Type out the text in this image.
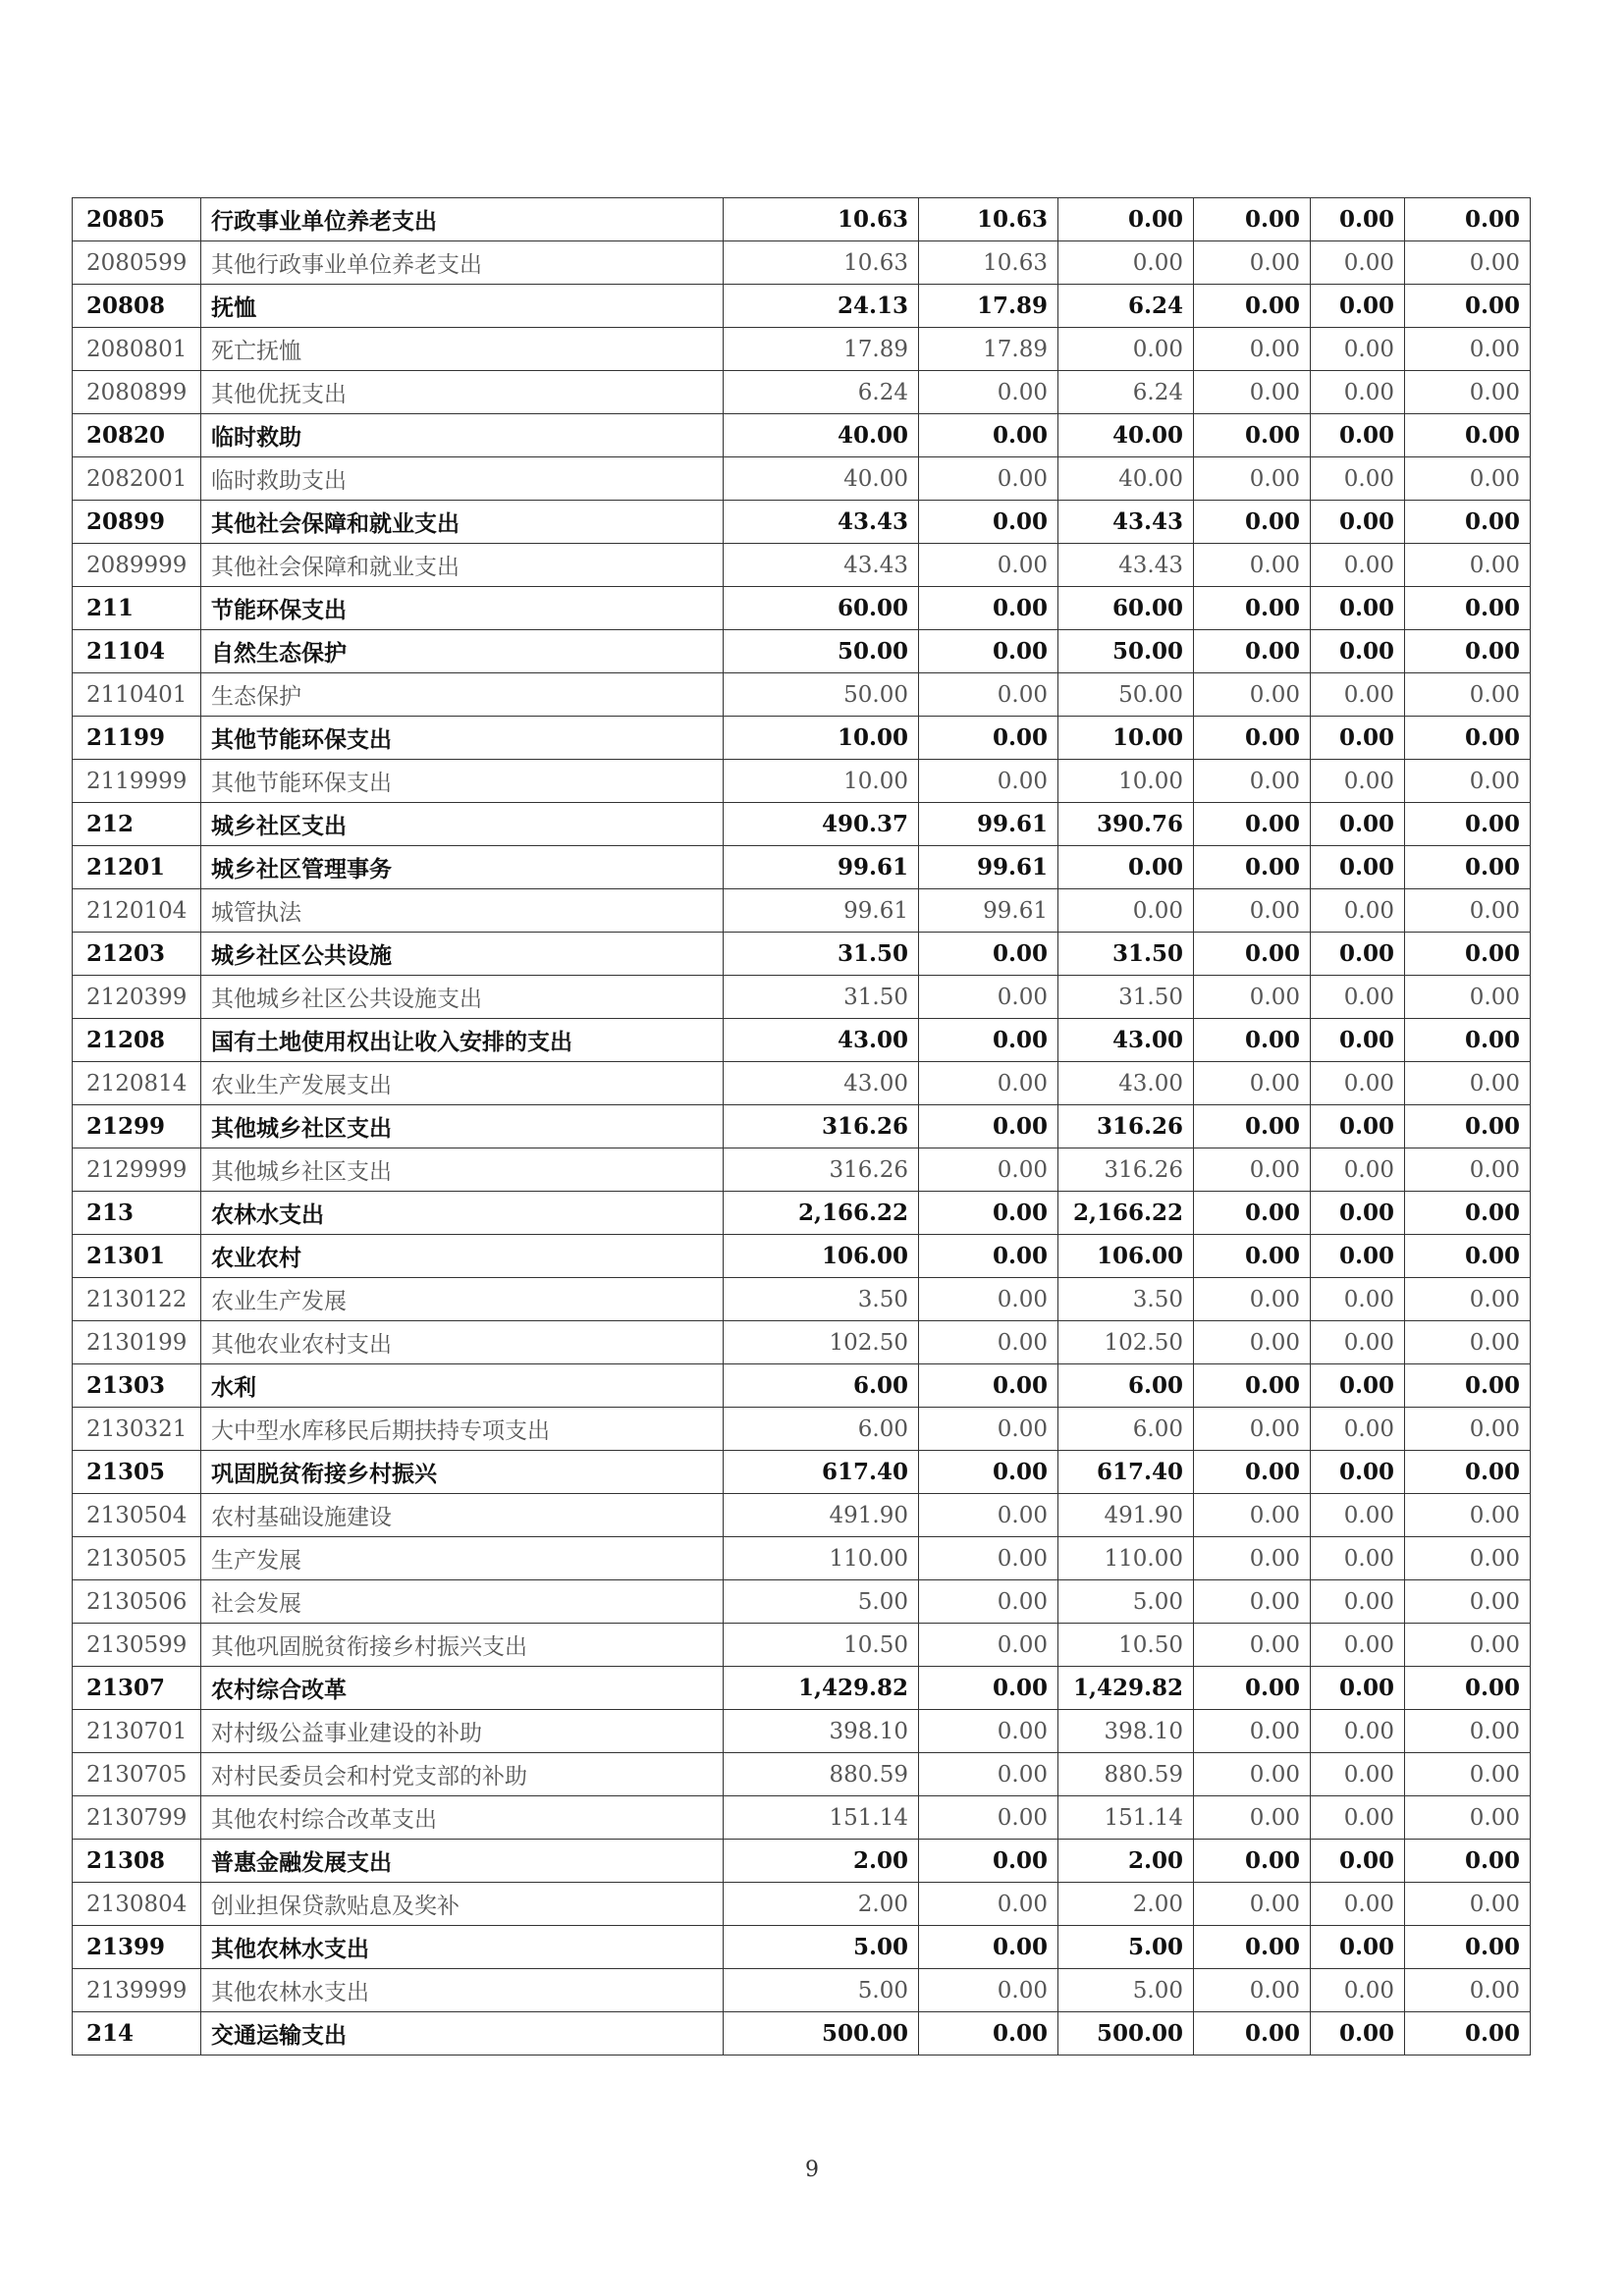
20805	行政事业单位养老支出	10.63	10.63	0.00	0.00	0.00	0.00
2080599	其他行政事业单位养老支出	10.63	10.63	0.00	0.00	0.00	0.00
20808	抚恤	24.13	17.89	6.24	0.00	0.00	0.00
2080801	死亡抚恤	17.89	17.89	0.00	0.00	0.00	0.00
2080899	其他优抚支出	6.24	0.00	6.24	0.00	0.00	0.00
20820	临时救助	40.00	0.00	40.00	0.00	0.00	0.00
2082001	临时救助支出	40.00	0.00	40.00	0.00	0.00	0.00
20899	其他社会保障和就业支出	43.43	0.00	43.43	0.00	0.00	0.00
2089999	其他社会保障和就业支出	43.43	0.00	43.43	0.00	0.00	0.00
211	节能环保支出	60.00	0.00	60.00	0.00	0.00	0.00
21104	自然生态保护	50.00	0.00	50.00	0.00	0.00	0.00
2110401	生态保护	50.00	0.00	50.00	0.00	0.00	0.00
21199	其他节能环保支出	10.00	0.00	10.00	0.00	0.00	0.00
2119999	其他节能环保支出	10.00	0.00	10.00	0.00	0.00	0.00
212	城乡社区支出	490.37	99.61	390.76	0.00	0.00	0.00
21201	城乡社区管理事务	99.61	99.61	0.00	0.00	0.00	0.00
2120104	城管执法	99.61	99.61	0.00	0.00	0.00	0.00
21203	城乡社区公共设施	31.50	0.00	31.50	0.00	0.00	0.00
2120399	其他城乡社区公共设施支出	31.50	0.00	31.50	0.00	0.00	0.00
21208	国有土地使用权出让收入安排的支出	43.00	0.00	43.00	0.00	0.00	0.00
2120814	农业生产发展支出	43.00	0.00	43.00	0.00	0.00	0.00
21299	其他城乡社区支出	316.26	0.00	316.26	0.00	0.00	0.00
2129999	其他城乡社区支出	316.26	0.00	316.26	0.00	0.00	0.00
213	农林水支出	2,166.22	0.00	2,166.22	0.00	0.00	0.00
21301	农业农村	106.00	0.00	106.00	0.00	0.00	0.00
2130122	农业生产发展	3.50	0.00	3.50	0.00	0.00	0.00
2130199	其他农业农村支出	102.50	0.00	102.50	0.00	0.00	0.00
21303	水利	6.00	0.00	6.00	0.00	0.00	0.00
2130321	大中型水库移民后期扶持专项支出	6.00	0.00	6.00	0.00	0.00	0.00
21305	巩固脱贫衔接乡村振兴	617.40	0.00	617.40	0.00	0.00	0.00
2130504	农村基础设施建设	491.90	0.00	491.90	0.00	0.00	0.00
2130505	生产发展	110.00	0.00	110.00	0.00	0.00	0.00
2130506	社会发展	5.00	0.00	5.00	0.00	0.00	0.00
2130599	其他巩固脱贫衔接乡村振兴支出	10.50	0.00	10.50	0.00	0.00	0.00
21307	农村综合改革	1,429.82	0.00	1,429.82	0.00	0.00	0.00
2130701	对村级公益事业建设的补助	398.10	0.00	398.10	0.00	0.00	0.00
2130705	对村民委员会和村党支部的补助	880.59	0.00	880.59	0.00	0.00	0.00
2130799	其他农村综合改革支出	151.14	0.00	151.14	0.00	0.00	0.00
21308	普惠金融发展支出	2.00	0.00	2.00	0.00	0.00	0.00
2130804	创业担保贷款贴息及奖补	2.00	0.00	2.00	0.00	0.00	0.00
21399	其他农林水支出	5.00	0.00	5.00	0.00	0.00	0.00
2139999	其他农林水支出	5.00	0.00	5.00	0.00	0.00	0.00
214	交通运输支出	500.00	0.00	500.00	0.00	0.00	0.00
9
